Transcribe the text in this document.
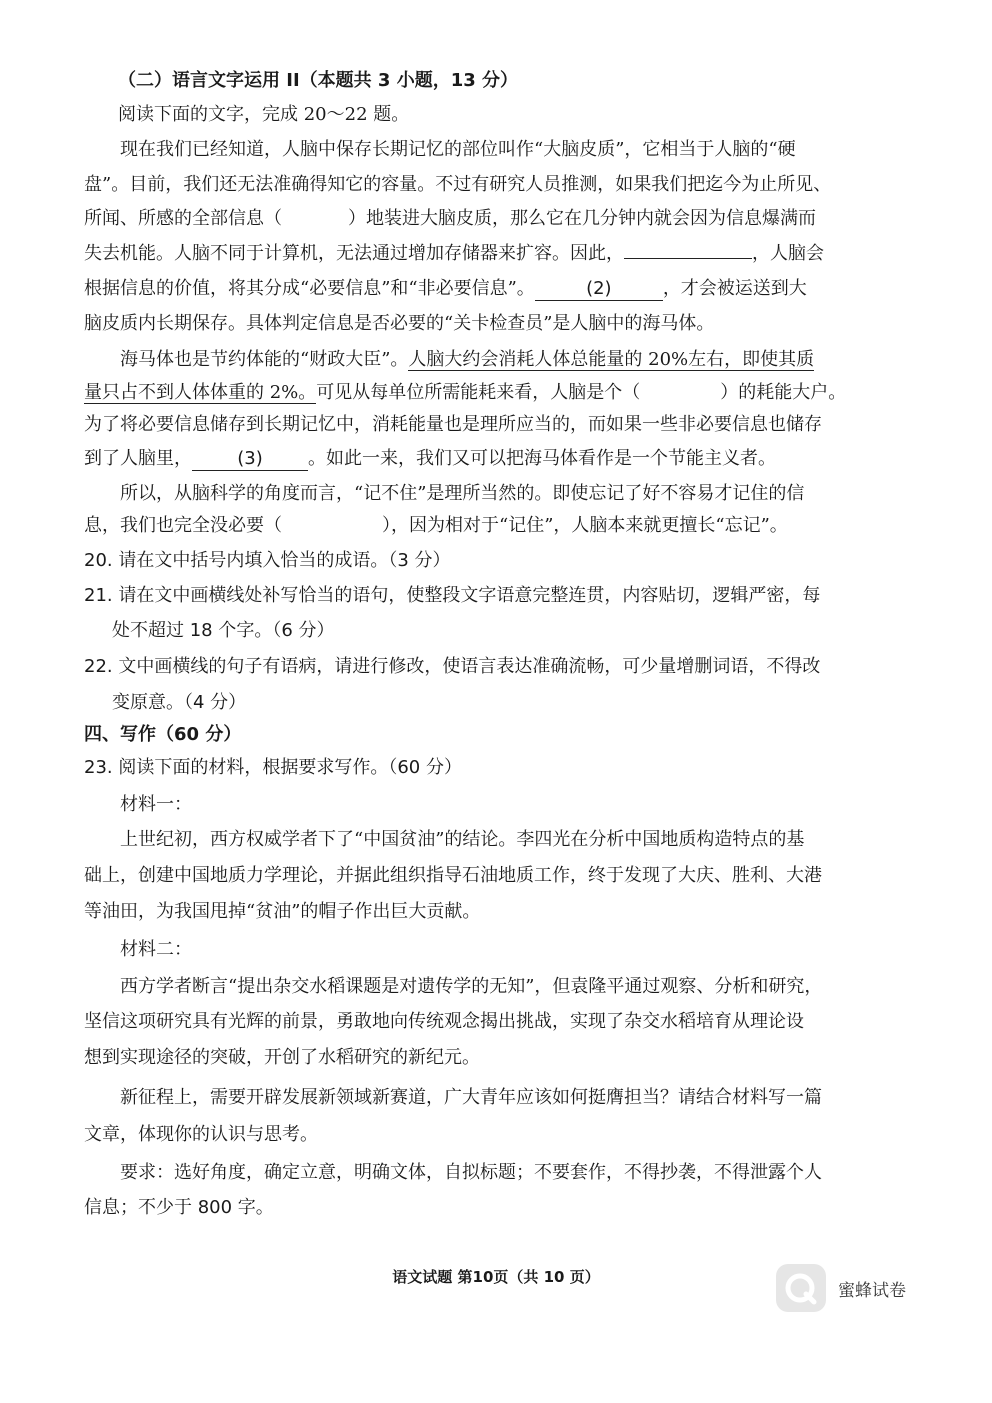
（二）语言文字运用 II（本题共 3 小题，13 分）
阅读下面的文字，完成 20～22 题。
现在我们已经知道，人脑中保存长期记忆的部位叫作“大脑皮质”，它相当于人脑的“硬
盘”。目前，我们还无法准确得知它的容量。不过有研究人员推测，如果我们把迄今为止所见、
所闻、所感的全部信息（	）地装进大脑皮质，那么它在几分钟内就会因为信息爆满而
失去机能。人脑不同于计算机，无法通过增加存储器来扩容。因此，	，人脑会
根据信息的价值，将其分成“必要信息”和“非必要信息”。	(2)	，才会被运送到大
脑皮质内长期保存。具体判定信息是否必要的“关卡检查员”是人脑中的海马体。
海马体也是节约体能的“财政大臣”。人脑大约会消耗人体总能量的 20%左右，即使其质
量只占不到人体体重的 2%。可见从每单位所需能耗来看，人脑是个（	）的耗能大户。
为了将必要信息储存到长期记忆中，消耗能量也是理所应当的，而如果一些非必要信息也储存
到了人脑里，	(3)	。如此一来，我们又可以把海马体看作是一个节能主义者。
所以，从脑科学的角度而言，“记不住”是理所当然的。即使忘记了好不容易才记住的信
息，我们也完全没必要（	），因为相对于“记住”，人脑本来就更擅长“忘记”。
20. 请在文中括号内填入恰当的成语。（3 分）
21. 请在文中画横线处补写恰当的语句，使整段文字语意完整连贯，内容贴切，逻辑严密，每
处不超过 18 个字。（6 分）
22. 文中画横线的句子有语病，请进行修改，使语言表达准确流畅，可少量增删词语，不得改
变原意。（4 分）
四、写作（60 分）
23. 阅读下面的材料，根据要求写作。（60 分）
材料一：
上世纪初，西方权威学者下了“中国贫油”的结论。李四光在分析中国地质构造特点的基
础上，创建中国地质力学理论，并据此组织指导石油地质工作，终于发现了大庆、胜利、大港
等油田，为我国甩掉“贫油”的帽子作出巨大贡献。
材料二：
西方学者断言“提出杂交水稻课题是对遗传学的无知”，但袁隆平通过观察、分析和研究，
坚信这项研究具有光辉的前景，勇敢地向传统观念揭出挑战，实现了杂交水稻培育从理论设
想到实现途径的突破，开创了水稻研究的新纪元。
新征程上，需要开辟发展新领域新赛道，广大青年应该如何挺膺担当？请结合材料写一篇
文章，体现你的认识与思考。
要求：选好角度，确定立意，明确文体，自拟标题；不要套作，不得抄袭，不得泄露个人
信息；不少于 800 字。
语文试题 第10页（共 10 页）
蜜蜂试卷
